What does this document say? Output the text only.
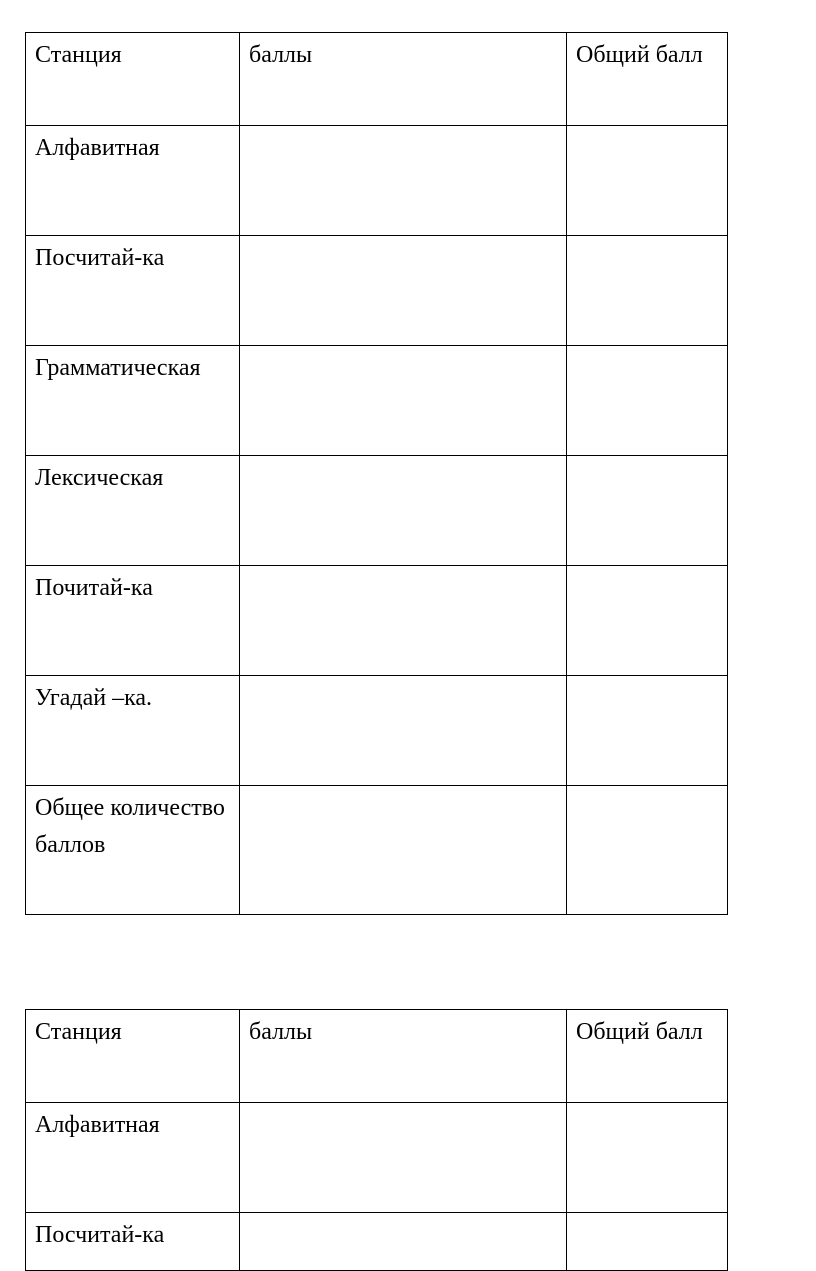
Станция	баллы	Общий балл
Алфавитная		
Посчитай-ка		
Грамматическая		
Лексическая		
Почитай-ка		
Угадай –ка.		
Общее количество баллов		
Станция	баллы	Общий балл
Алфавитная		
Посчитай-ка		
